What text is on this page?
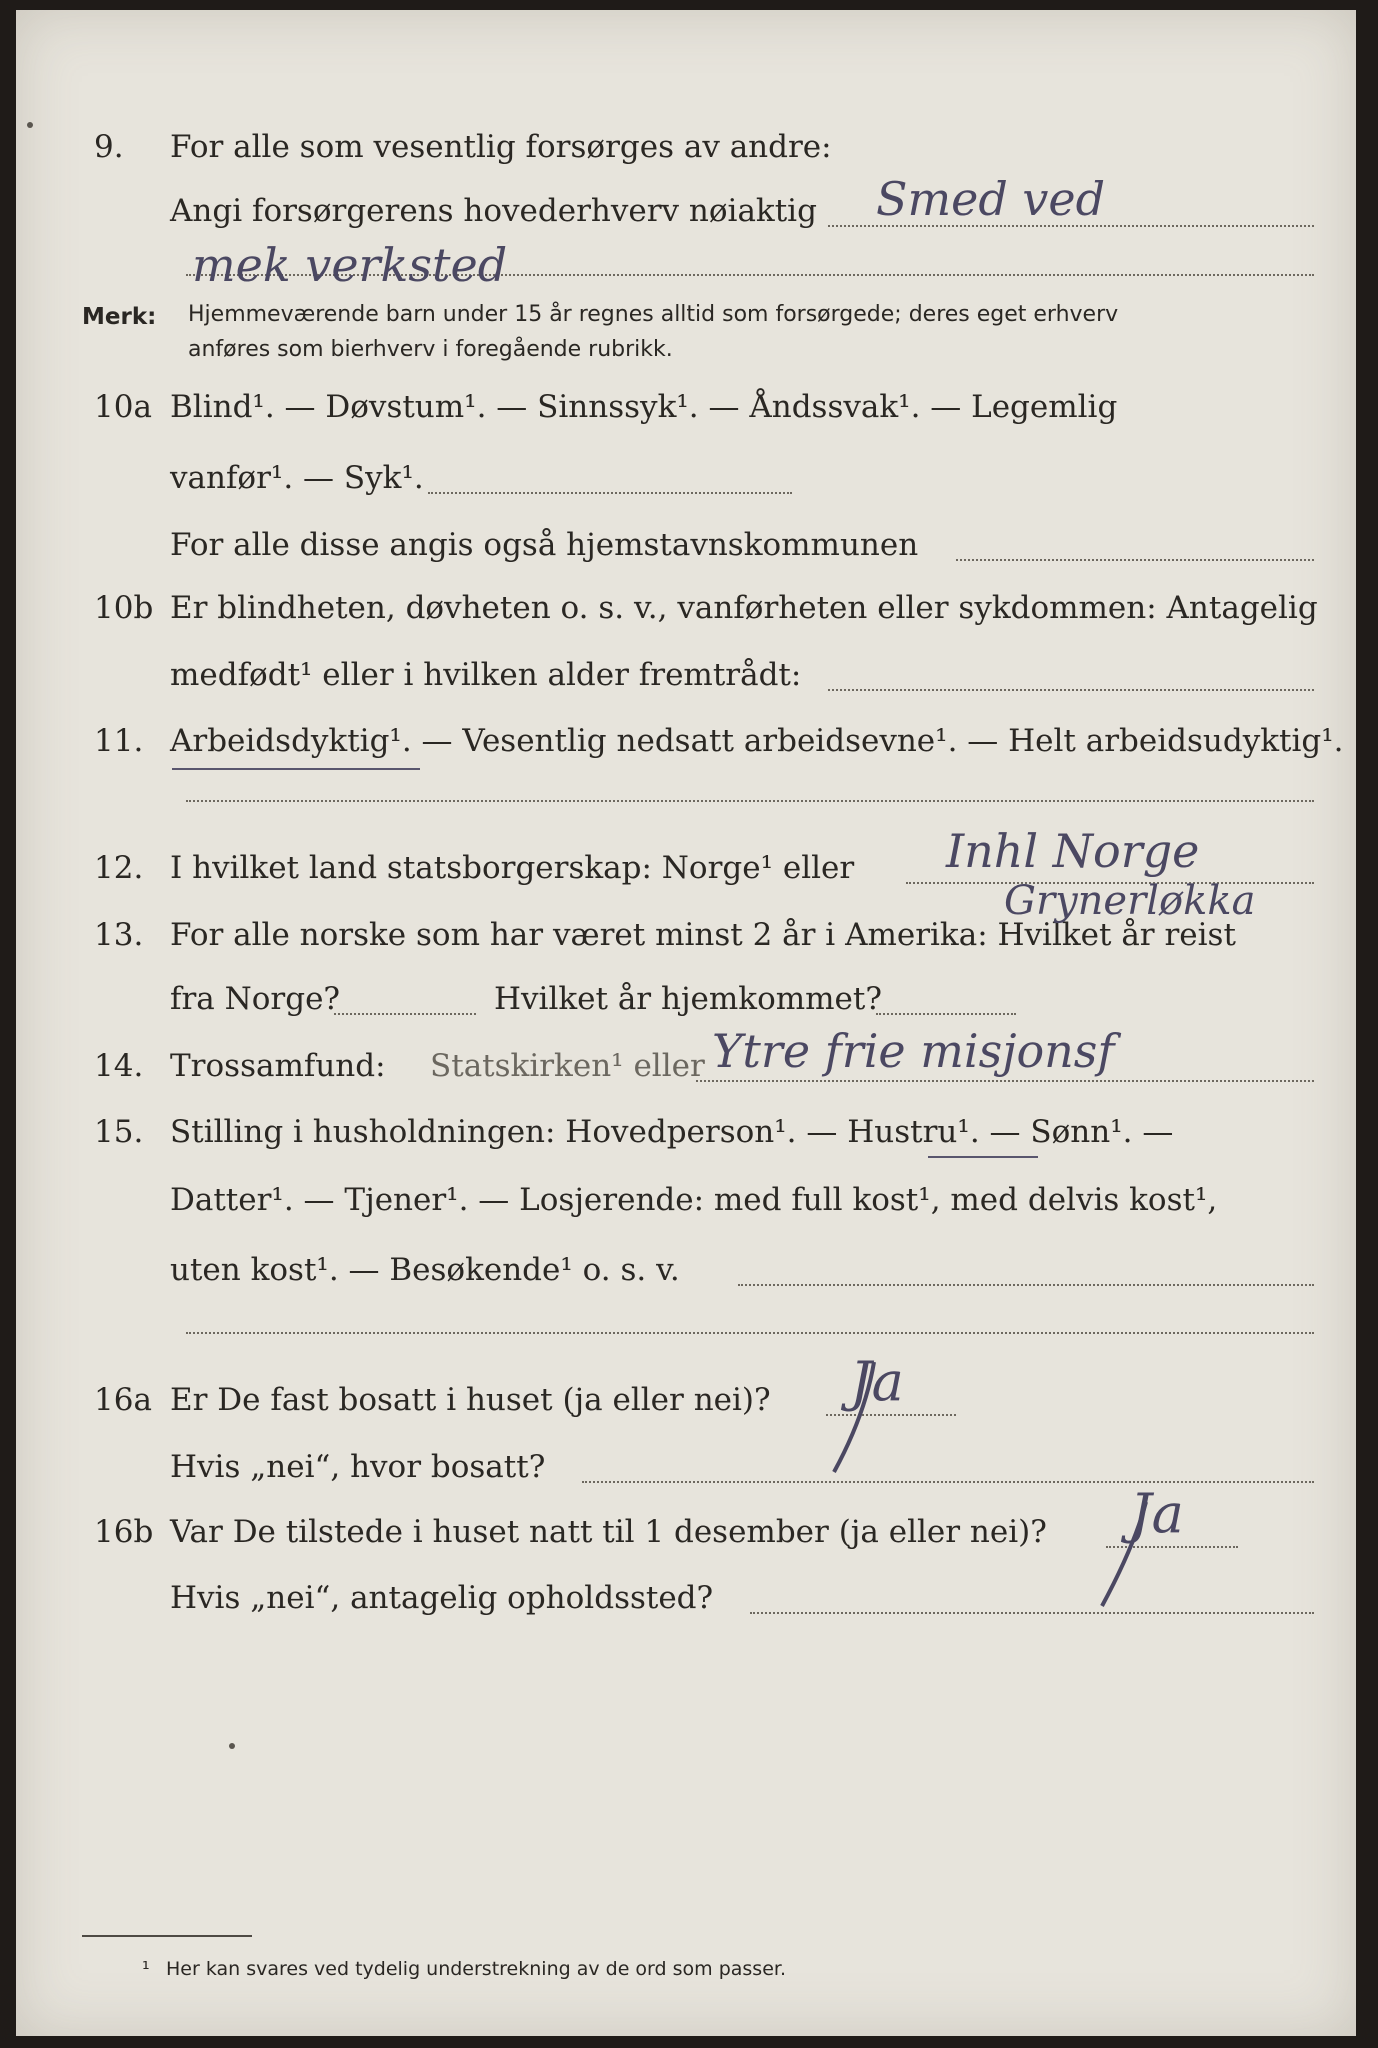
9. For alle som vesentlig forsørges av andre:
Angi forsørgerens hovederhverv nøiaktig Smed ved
mek verksted
Merk: Hjemmeværende barn under 15 år regnes alltid som forsørgede; deres eget erhverv
anføres som bierhverv i foregående rubrikk.
10a Blind¹. — Døvstum¹. — Sinnssyk¹. — Åndssvak¹. — Legemlig
vanfør¹. — Syk¹.
For alle disse angis også hjemstavnskommunen
10b Er blindheten, døvheten o. s. v., vanførheten eller sykdommen: Antagelig
medfødt¹ eller i hvilken alder fremtrådt:
11. Arbeidsdyktig¹. — Vesentlig nedsatt arbeidsevne¹. — Helt arbeidsudyktig¹.
12. I hvilket land statsborgerskap: Norge¹ eller Inhl Norge
13. For alle norske som har været minst 2 år i Amerika: Hvilket år reist
Grynerløkka
fra Norge?	Hvilket år hjemkommet?
14. Trossamfund: Statskirken¹ eller Ytre frie misjonsf
15. Stilling i husholdningen: Hovedperson¹. — Hustru¹. — Sønn¹. —
Datter¹. — Tjener¹. — Losjerende: med full kost¹, med delvis kost¹,
uten kost¹. — Besøkende¹ o. s. v.
16a Er De fast bosatt i huset (ja eller nei)? Ja
Hvis „nei“, hvor bosatt?
16b Var De tilstede i huset natt til 1 desember (ja eller nei)? Ja
Hvis „nei“, antagelig opholdssted?
¹ Her kan svares ved tydelig understrekning av de ord som passer.
